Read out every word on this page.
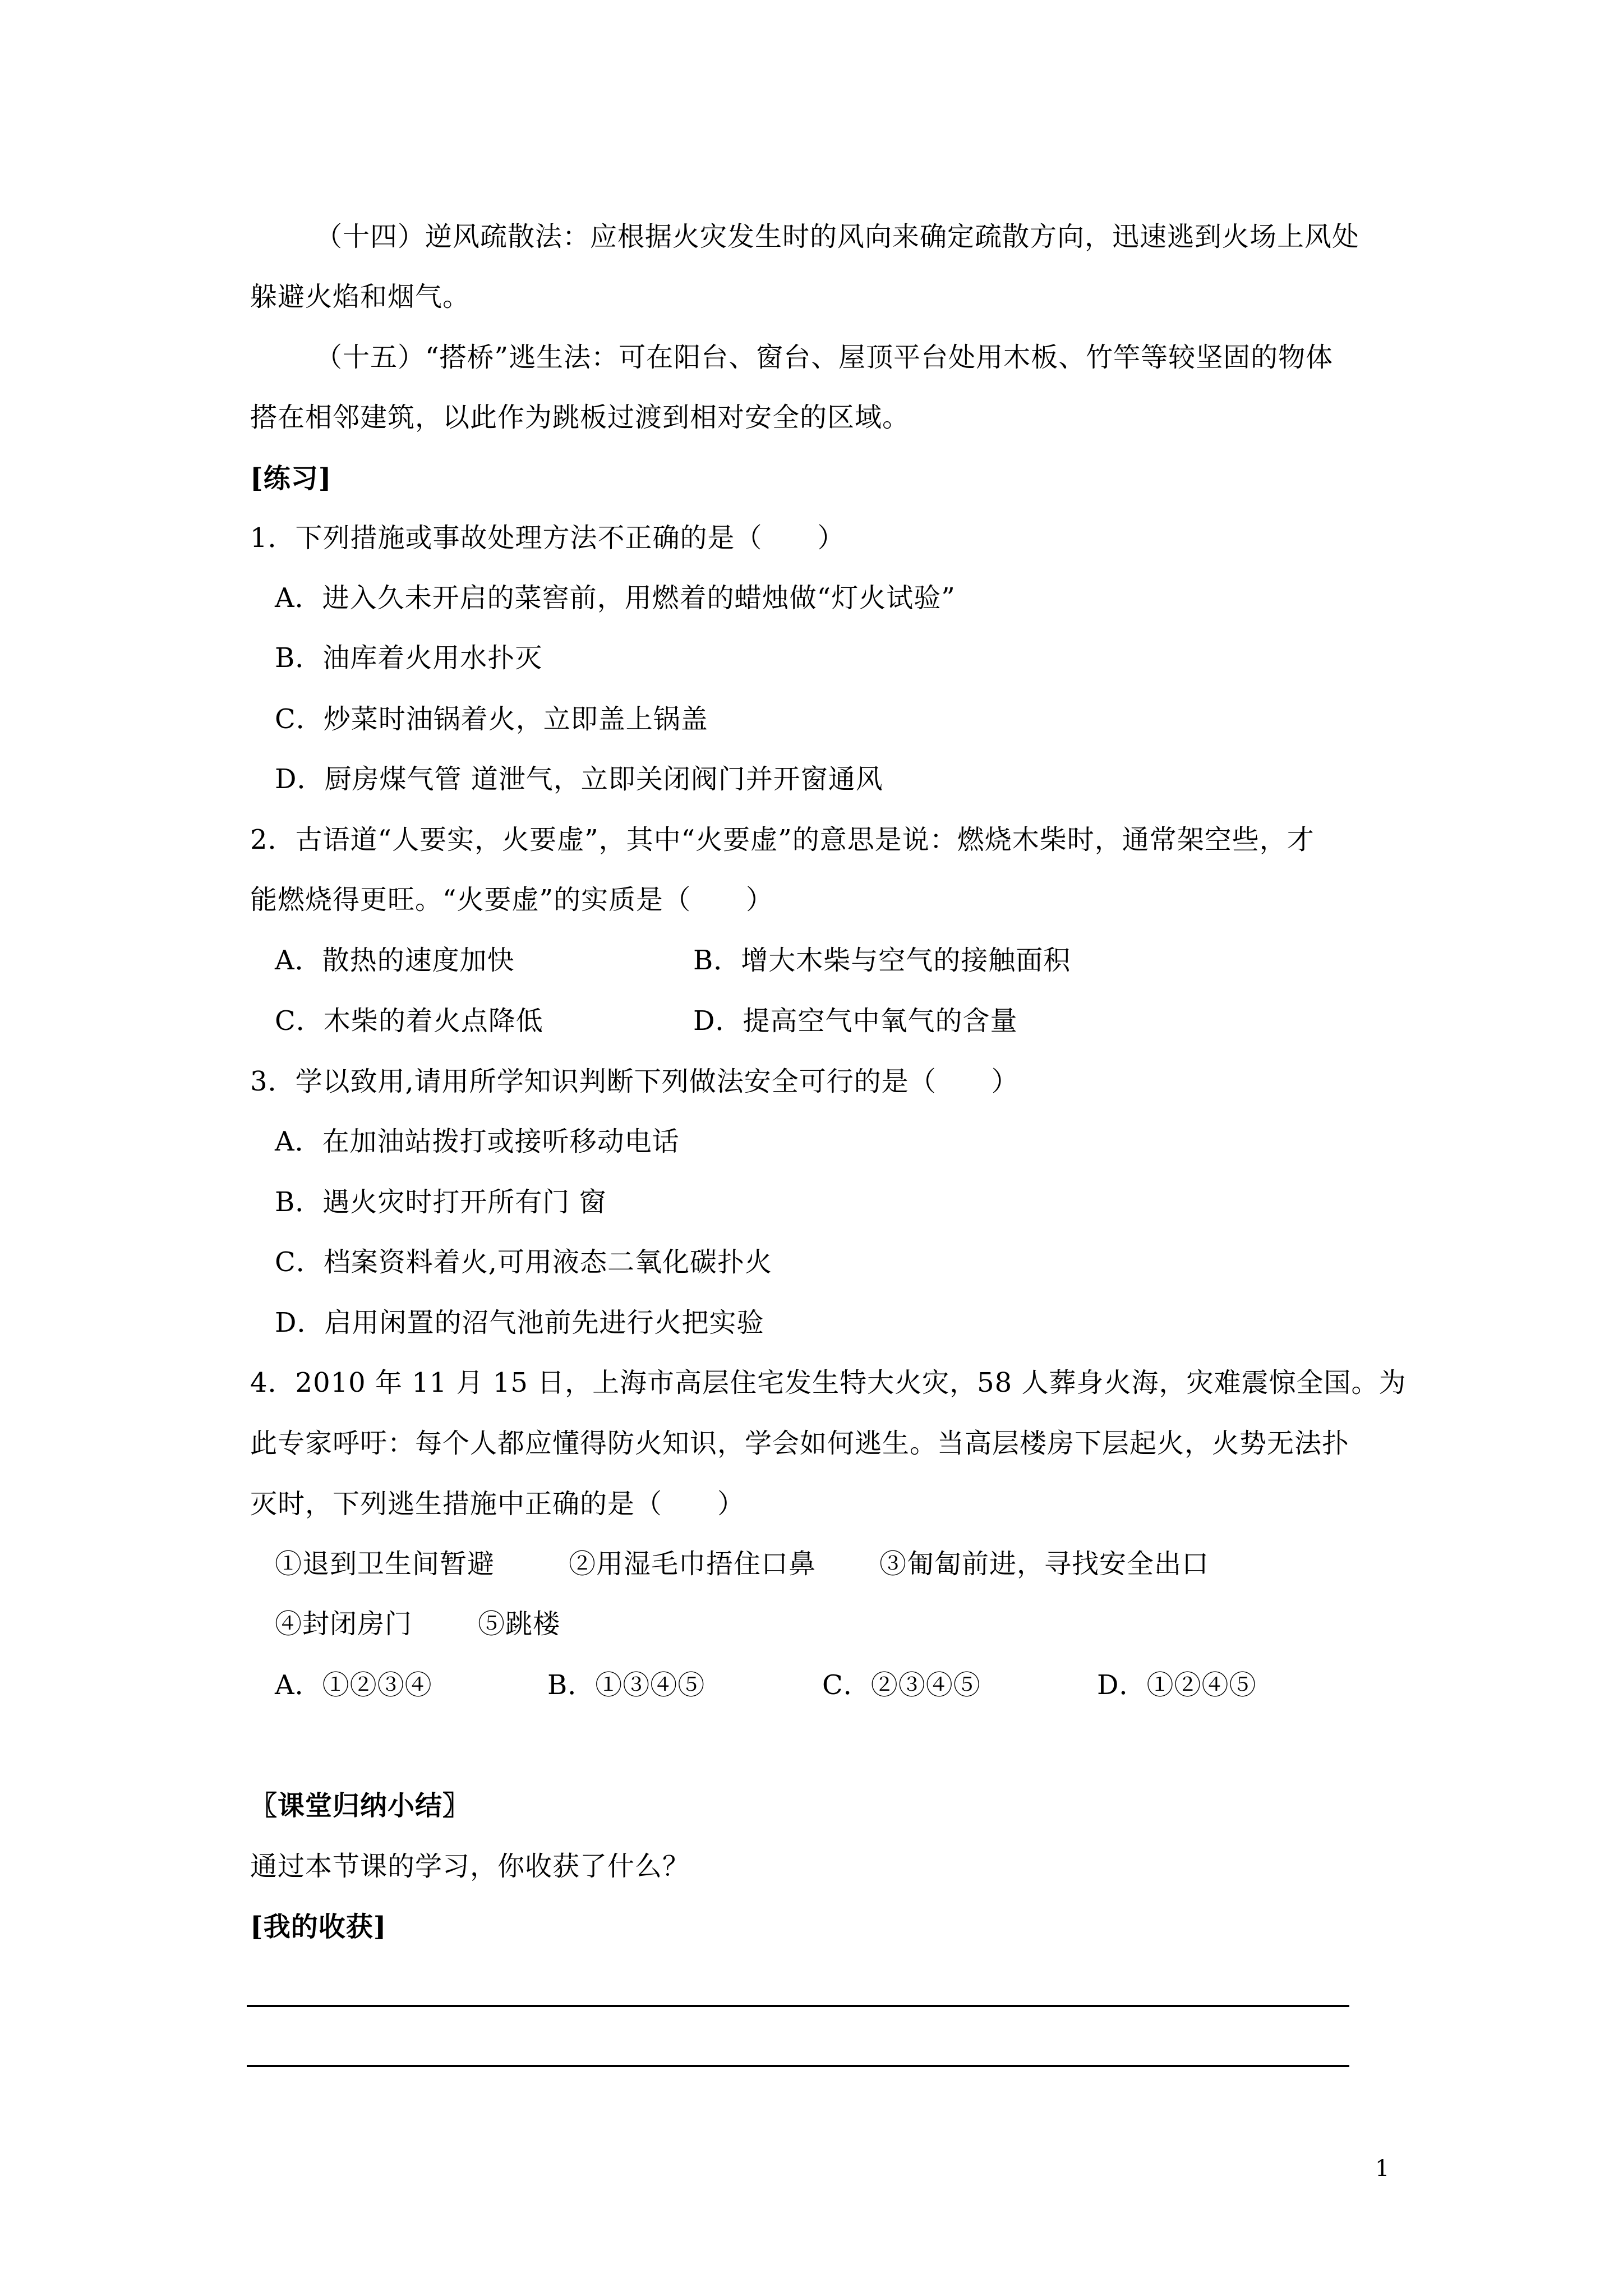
（十四）逆风疏散法：应根据火灾发生时的风向来确定疏散方向，迅速逃到火场上风处
躲避火焰和烟气。
（十五）“搭桥”逃生法：可在阳台、窗台、屋顶平台处用木板、竹竿等较坚固的物体
搭在相邻建筑，以此作为跳板过渡到相对安全的区域。
[练习]
1．下列措施或事故处理方法不正确的是（　　）
A．进入久未开启的菜窖前，用燃着的蜡烛做“灯火试验”
B．油库着火用水扑灭
C．炒菜时油锅着火，立即盖上锅盖
D．厨房煤气管 道泄气，立即关闭阀门并开窗通风
2．古语道“人要实，火要虚”，其中“火要虚”的意思是说：燃烧木柴时，通常架空些，才
能燃烧得更旺。“火要虚”的实质是（　　）
A．散热的速度加快	B．增大木柴与空气的接触面积
C．木柴的着火点降低	D．提高空气中氧气的含量
3．学以致用,请用所学知识判断下列做法安全可行的是（　　）
A．在加油站拨打或接听移动电话
B．遇火灾时打开所有门 窗
C．档案资料着火,可用液态二氧化碳扑火
D．启用闲置的沼气池前先进行火把实验
4．2010 年 11 月 15 日，上海市高层住宅发生特大火灾，58 人葬身火海，灾难震惊全国。为
此专家呼吁：每个人都应懂得防火知识，学会如何逃生。当高层楼房下层起火，火势无法扑
灭时，下列逃生措施中正确的是（　　）
①退到卫生间暂避	②用湿毛巾捂住口鼻 ③匍匐前进，寻找安全出口
④封闭房门 ⑤跳楼
A．①②③④	B．①③④⑤	C．②③④⑤	D．①②④⑤
〖课堂归纳小结〗
通过本节课的学习，你收获了什么？
[我的收获]
1
